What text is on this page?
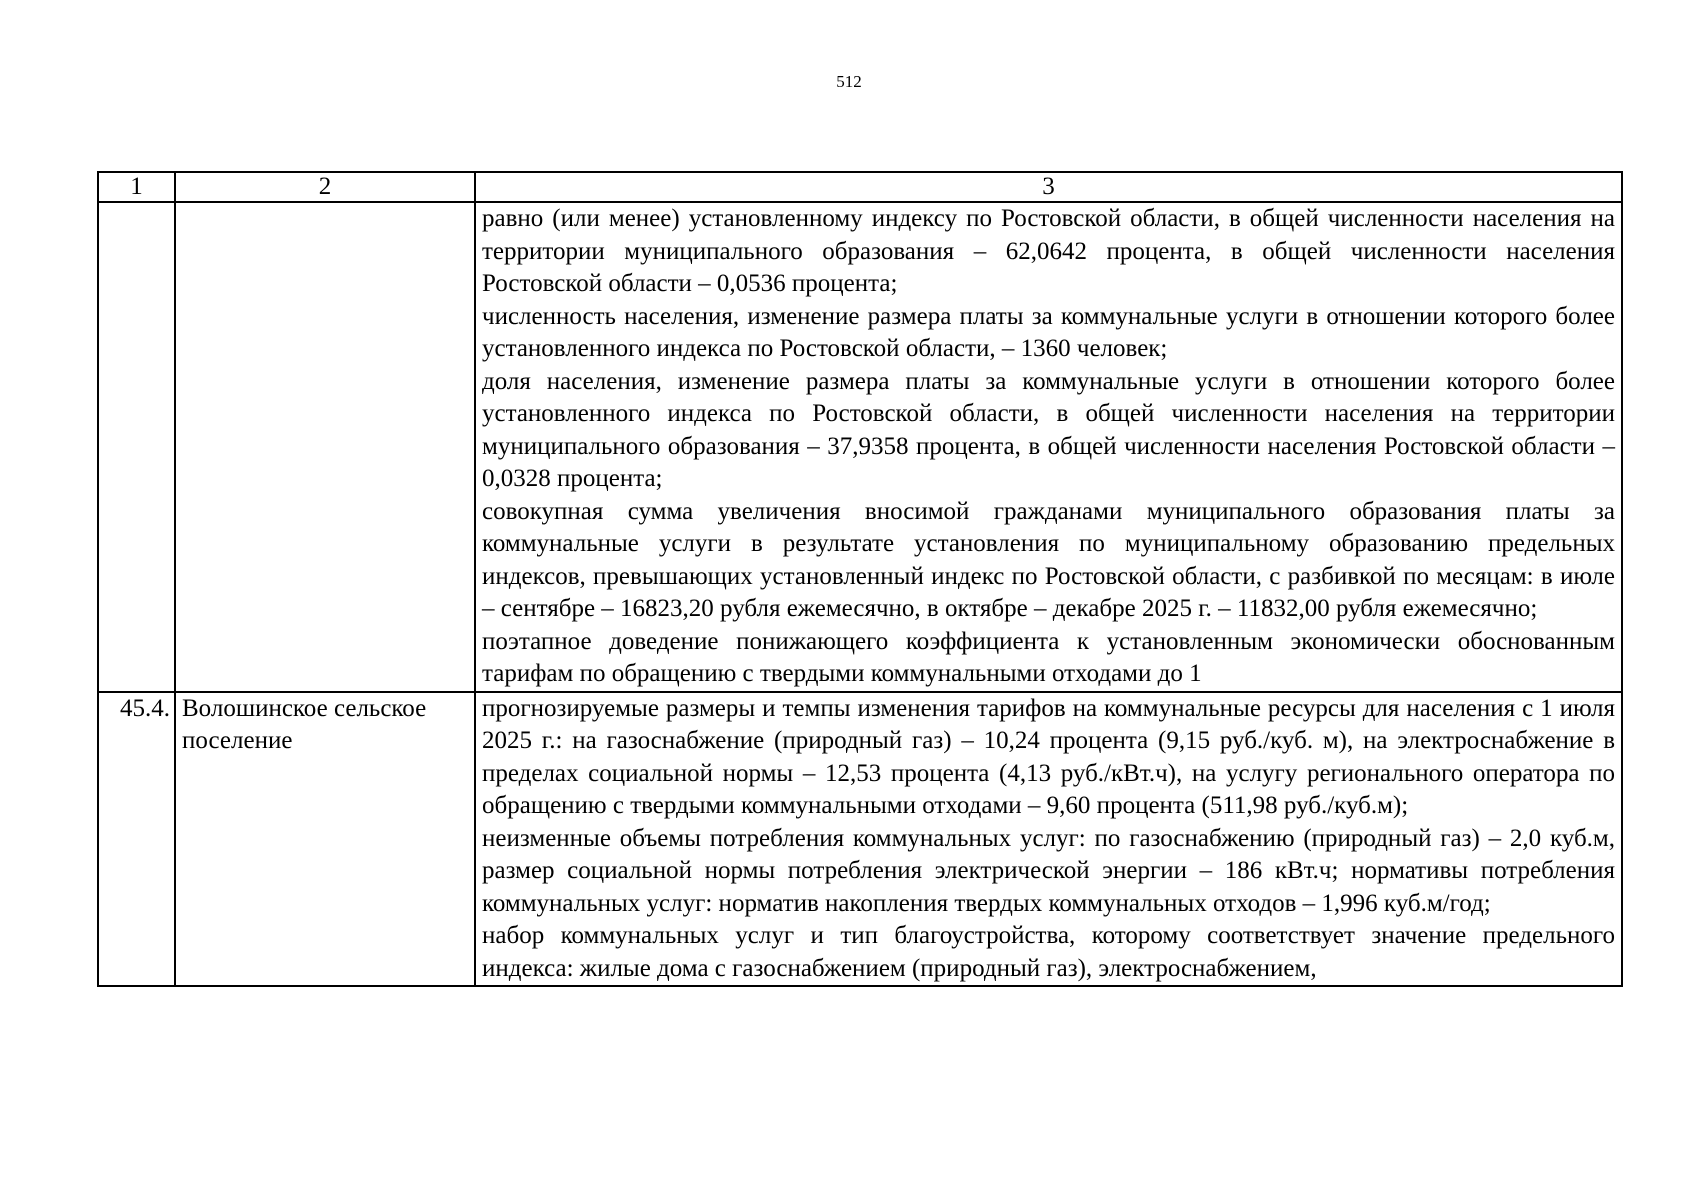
512
1	2	3

		равно (или менее) установленному индексу по Ростовской области, в общей численности населения на территории муниципального образования – 62,0642 процента, в общей численности населения Ростовской области – 0,0536 процента;
численность населения, изменение размера платы за коммунальные услуги в отношении которого более установленного индекса по Ростовской области, – 1360 человек;
доля населения, изменение размера платы за коммунальные услуги в отношении которого более установленного индекса по Ростовской области, в общей численности населения на территории муниципального образования – 37,9358 процента, в общей численности населения Ростовской области – 0,0328 процента;
совокупная сумма увеличения вносимой гражданами муниципального образования платы за коммунальные услуги в результате установления по муниципальному образованию предельных индексов, превышающих установленный индекс по Ростовской области, с разбивкой по месяцам: в июле – сентябре – 16823,20 рубля ежемесячно, в октябре – декабре 2025 г. – 11832,00 рубля ежемесячно;
поэтапное доведение понижающего коэффициента к установленным экономически обоснованным тарифам по обращению с твердыми коммунальными отходами до 1

45.4.	Волошинское сельское поселение	прогнозируемые размеры и темпы изменения тарифов на коммунальные ресурсы для населения с 1 июля 2025 г.: на газоснабжение (природный газ) – 10,24 процента (9,15 руб./куб. м), на электроснабжение в пределах социальной нормы – 12,53 процента (4,13 руб./кВт.ч), на услугу регионального оператора по обращению с твердыми коммунальными отходами – 9,60 процента (511,98 руб./куб.м);
неизменные объемы потребления коммунальных услуг: по газоснабжению (природный газ) – 2,0 куб.м, размер социальной нормы потребления электрической энергии – 186 кВт.ч; нормативы потребления коммунальных услуг: норматив накопления твердых коммунальных отходов – 1,996 куб.м/год;
набор коммунальных услуг и тип благоустройства, которому соответствует значение предельного индекса: жилые дома с газоснабжением (природный газ), электроснабжением,
